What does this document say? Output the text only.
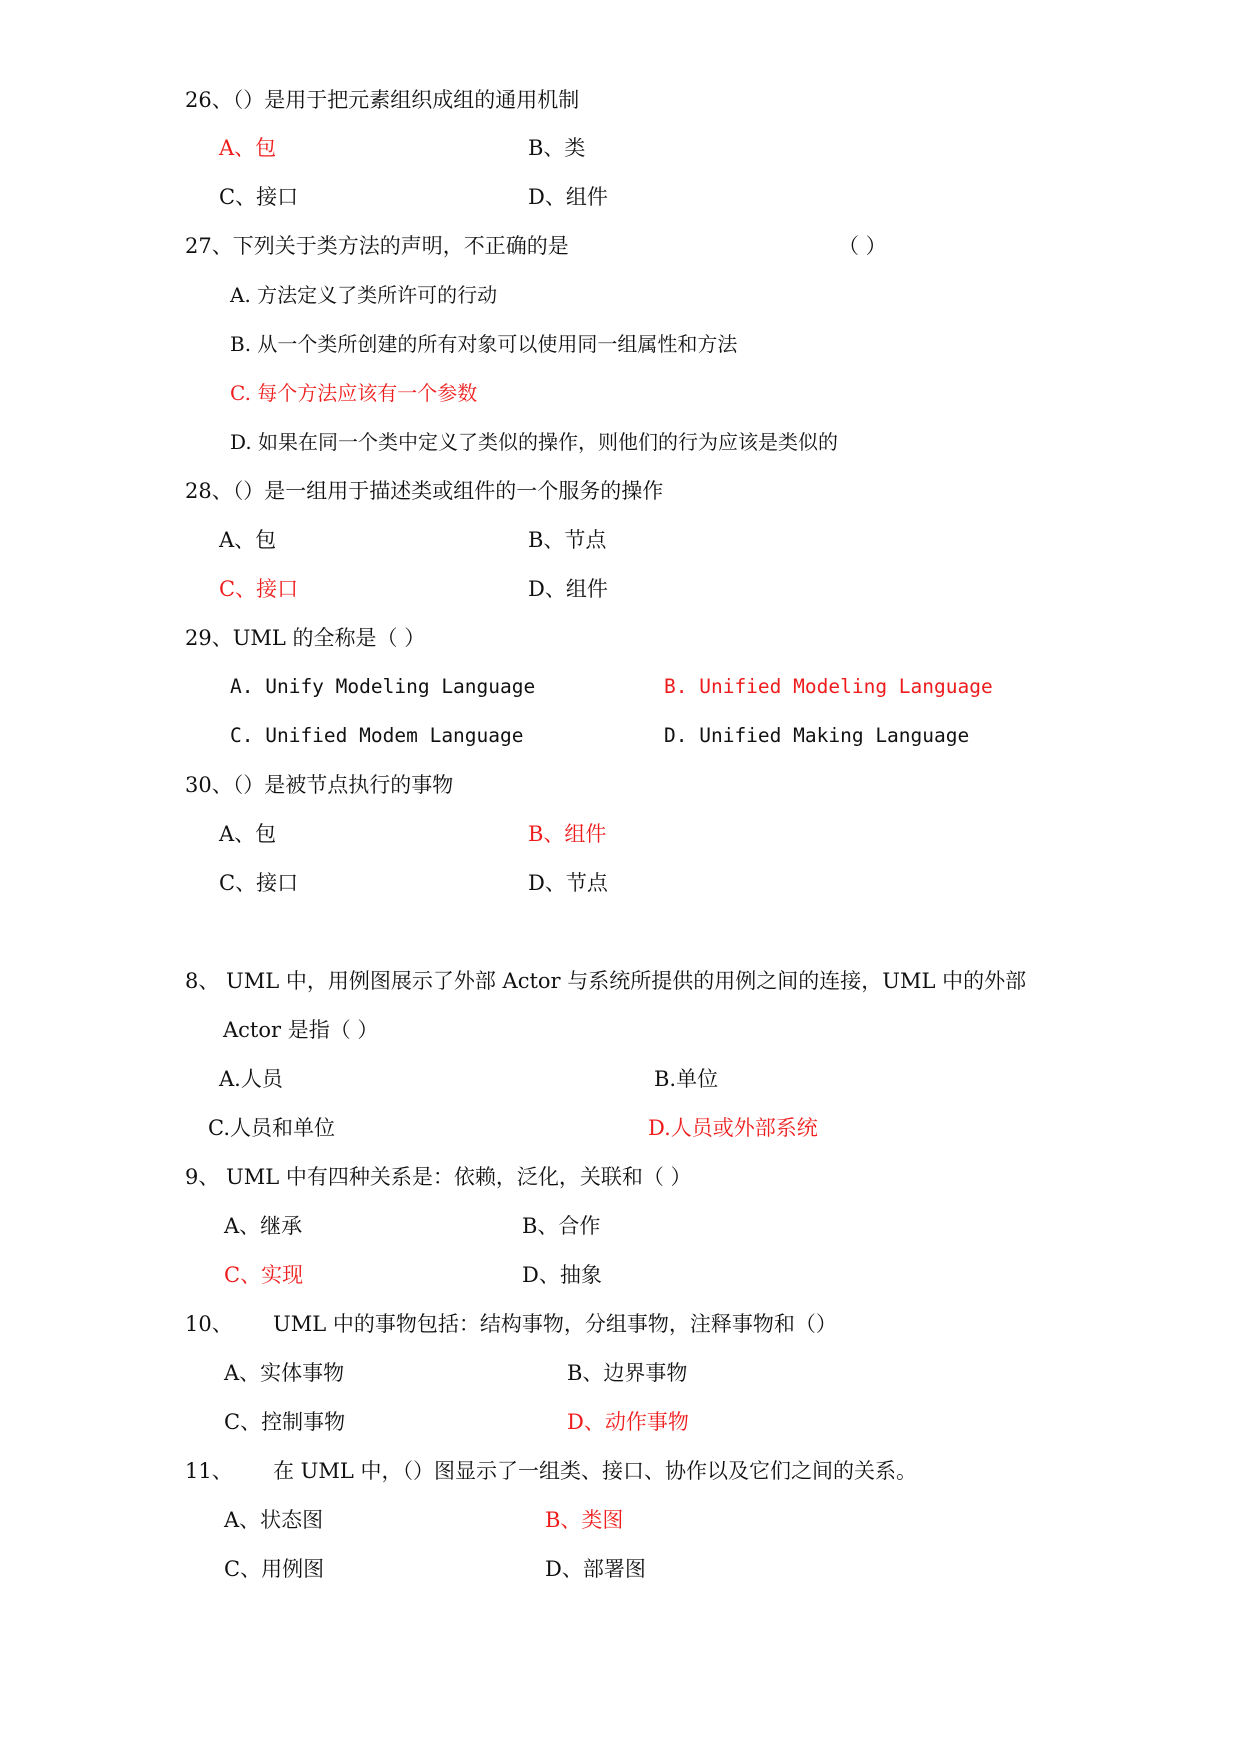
26、（）是用于把元素组织成组的通用机制
A、包	B、类
C、接口	D、组件
27、下列关于类方法的声明，不正确的是	（ ）
A. 方法定义了类所许可的行动
B. 从一个类所创建的所有对象可以使用同一组属性和方法
C. 每个方法应该有一个参数
D. 如果在同一个类中定义了类似的操作，则他们的行为应该是类似的
28、（）是一组用于描述类或组件的一个服务的操作
A、包	B、节点
C、接口	D、组件
29、UML 的全称是（ ）
A. Unify Modeling Language	B. Unified Modeling Language
C. Unified Modem Language	D. Unified Making Language
30、（）是被节点执行的事物
A、包	B、组件
C、接口	D、节点
8、 UML 中，用例图展示了外部 Actor 与系统所提供的用例之间的连接，UML 中的外部
Actor 是指（ ）
A.人员	B.单位
C.人员和单位	D.人员或外部系统
9、 UML 中有四种关系是：依赖，泛化，关联和（ ）
A、继承	B、合作
C、实现	D、抽象
10、 UML 中的事物包括：结构事物，分组事物，注释事物和（）
A、实体事物	B、边界事物
C、控制事物	D、动作事物
11、 在 UML 中，（）图显示了一组类、接口、协作以及它们之间的关系。
A、状态图	B、类图
C、用例图	D、部署图
